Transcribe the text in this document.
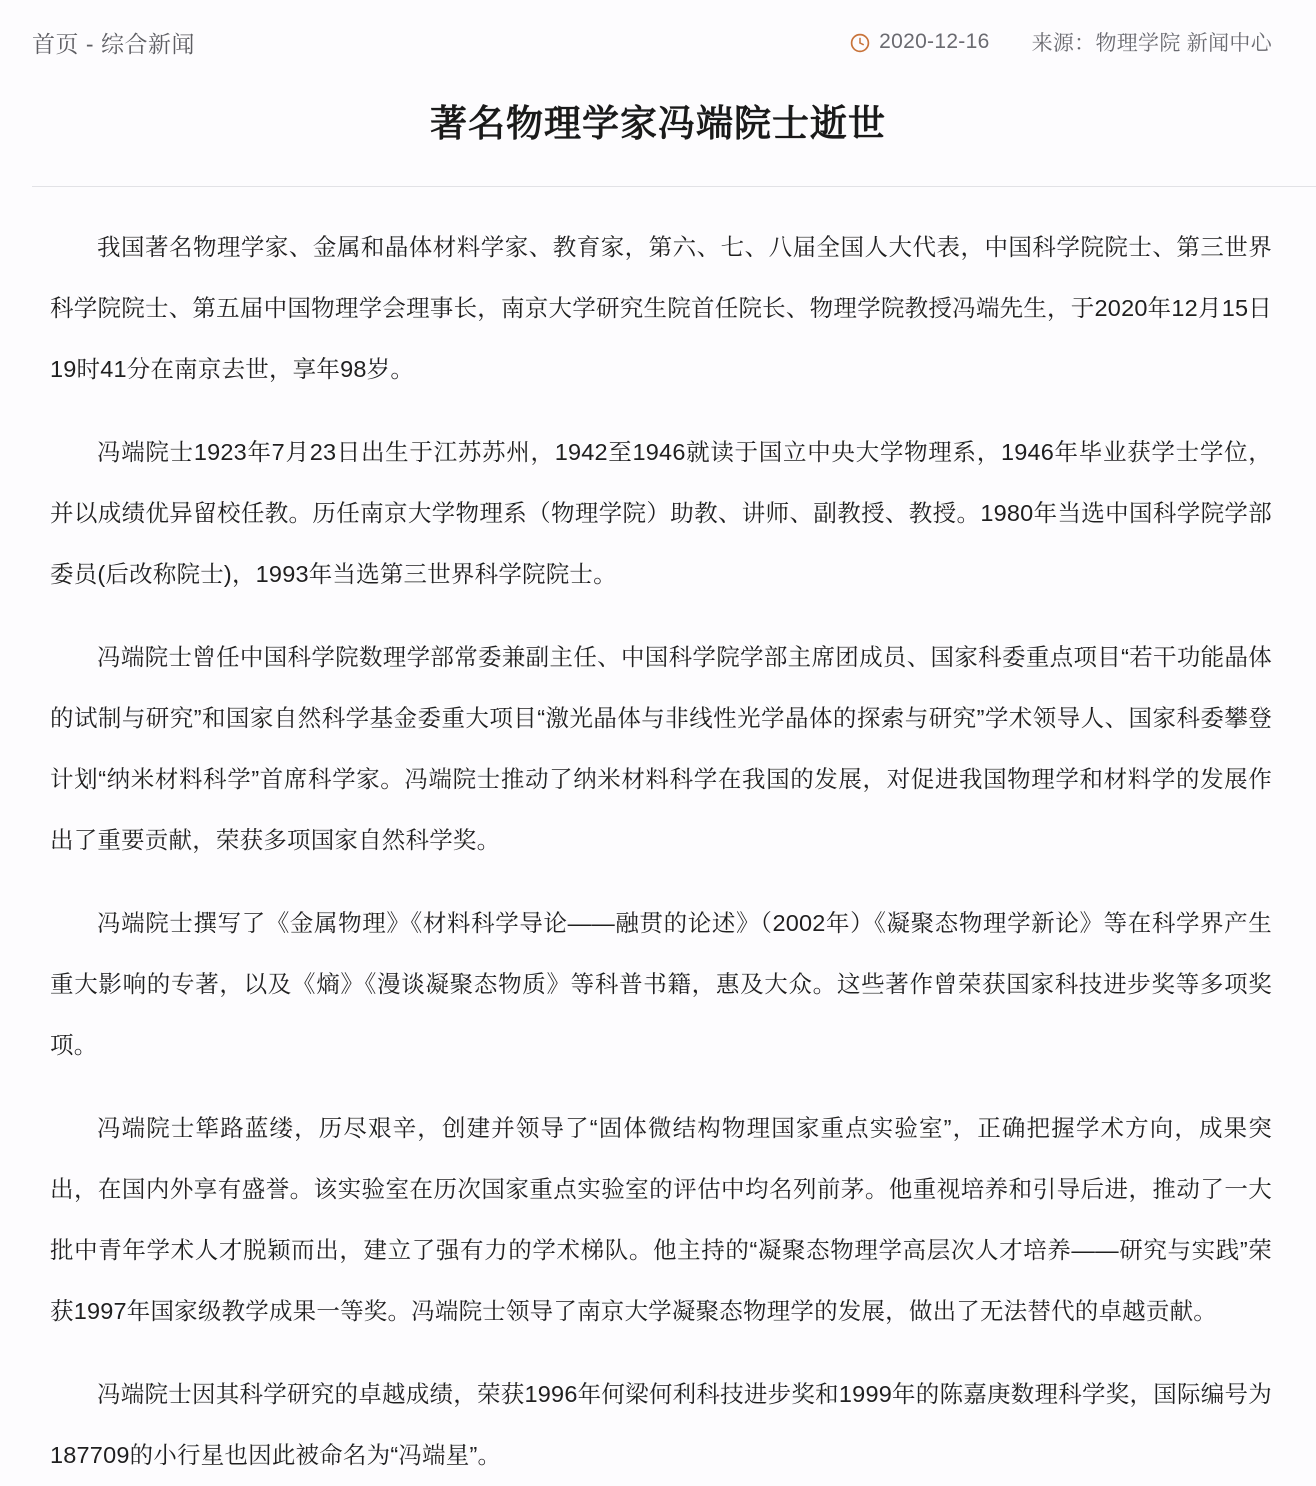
首页 - 综合新闻	2020-12-16 来源：物理学院 新闻中心
著名物理学家冯端院士逝世

我国著名物理学家、金属和晶体材料学家、教育家，第六、七、八届全国人大代表，中国科学院院士、第三世界科学院院士、第五届中国物理学会理事长，南京大学研究生院首任院长、物理学院教授冯端先生，于2020年12月15日19时41分在南京去世，享年98岁。

冯端院士1923年7月23日出生于江苏苏州，1942至1946就读于国立中央大学物理系，1946年毕业获学士学位，并以成绩优异留校任教。历任南京大学物理系（物理学院）助教、讲师、副教授、教授。1980年当选中国科学院学部委员(后改称院士)，1993年当选第三世界科学院院士。

冯端院士曾任中国科学院数理学部常委兼副主任、中国科学院学部主席团成员、国家科委重点项目“若干功能晶体的试制与研究”和国家自然科学基金委重大项目“激光晶体与非线性光学晶体的探索与研究”学术领导人、国家科委攀登计划“纳米材料科学”首席科学家。冯端院士推动了纳米材料科学在我国的发展，对促进我国物理学和材料学的发展作出了重要贡献，荣获多项国家自然科学奖。

冯端院士撰写了《金属物理》《材料科学导论——融贯的论述》（2002年）《凝聚态物理学新论》等在科学界产生重大影响的专著，以及《熵》《漫谈凝聚态物质》等科普书籍，惠及大众。这些著作曾荣获国家科技进步奖等多项奖项。

冯端院士筚路蓝缕，历尽艰辛，创建并领导了“固体微结构物理国家重点实验室”，正确把握学术方向，成果突出，在国内外享有盛誉。该实验室在历次国家重点实验室的评估中均名列前茅。他重视培养和引导后进，推动了一大批中青年学术人才脱颖而出，建立了强有力的学术梯队。他主持的“凝聚态物理学高层次人才培养——研究与实践”荣获1997年国家级教学成果一等奖。冯端院士领导了南京大学凝聚态物理学的发展，做出了无法替代的卓越贡献。

冯端院士因其科学研究的卓越成绩，荣获1996年何梁何利科技进步奖和1999年的陈嘉庚数理科学奖，国际编号为187709的小行星也因此被命名为“冯端星”。
